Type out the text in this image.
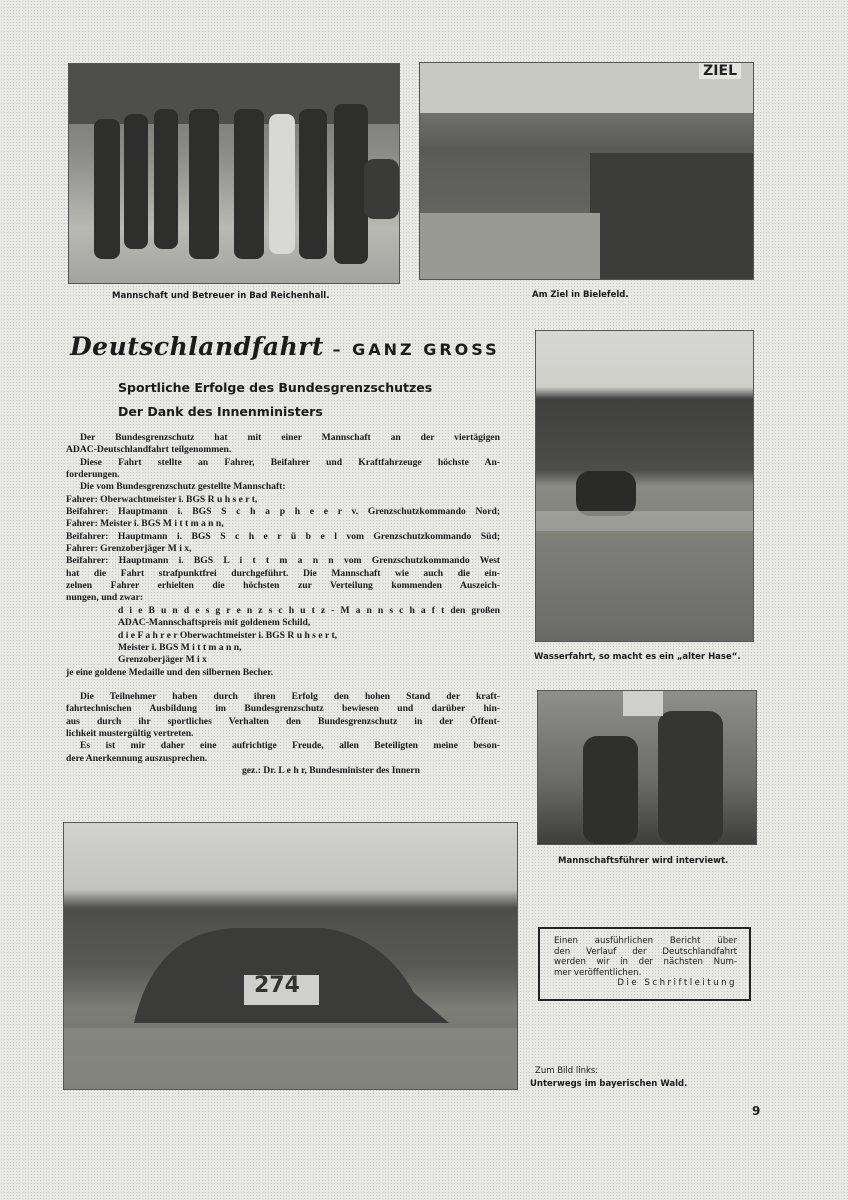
Mannschaft und Betreuer in Bad Reichenhall.
ZIEL
Am Ziel in Bielefeld.
Deutschlandfahrt – GANZ GROSS
Sportliche Erfolge des Bundesgrenzschutzes
Der Dank des Innenministers
Der Bundesgrenzschutz hat mit einer Mannschaft an der viertägigen
ADAC-Deutschlandfahrt teilgenommen.
Diese Fahrt stellte an Fahrer, Beifahrer und Kraftfahrzeuge höchste An-
forderungen.
Die vom Bundesgrenzschutz gestellte Mannschaft:
Fahrer: Oberwachtmeister i. BGS R u h s e r t,
Beifahrer: Hauptmann i. BGS S c h a p h e e r v. Grenzschutzkommando Nord;
Fahrer: Meister i. BGS M i t t m a n n,
Beifahrer: Hauptmann i. BGS S c h e r ü b e l vom Grenzschutzkommando Süd;
Fahrer: Grenzoberjäger M i x,
Beifahrer: Hauptmann i. BGS L i t t m a n n vom Grenzschutzkommando West
hat die Fahrt strafpunktfrei durchgeführt. Die Mannschaft wie auch die ein-
zelnen Fahrer erhielten die höchsten zur Verteilung kommenden Auszeich-
nungen, und zwar:
d i e B u n d e s g r e n z s c h u t z - M a n n s c h a f t den großen
ADAC-Mannschaftspreis mit goldenem Schild,
d i e F a h r e r Oberwachtmeister i. BGS R u h s e r t,
Meister i. BGS M i t t m a n n,
Grenzoberjäger M i x
je eine goldene Medaille und den silbernen Becher.
Die Teilnehmer haben durch ihren Erfolg den hohen Stand der kraft-
fahrtechnischen Ausbildung im Bundesgrenzschutz bewiesen und darüber hin-
aus durch ihr sportliches Verhalten den Bundesgrenzschutz in der Öffent-
lichkeit mustergültig vertreten.
Es ist mir daher eine aufrichtige Freude, allen Beteiligten meine beson-
dere Anerkennung auszusprechen.
gez.: Dr. L e h r, Bundesminister des Innern
Wasserfahrt, so macht es ein „alter Hase“.
Mannschaftsführer wird interviewt.
274
Einen ausführlichen Bericht über
den Verlauf der Deutschlandfahrt
werden wir in der nächsten Num-
mer veröffentlichen.
Die Schriftleitung
Zum Bild links:
Unterwegs im bayerischen Wald.
9
